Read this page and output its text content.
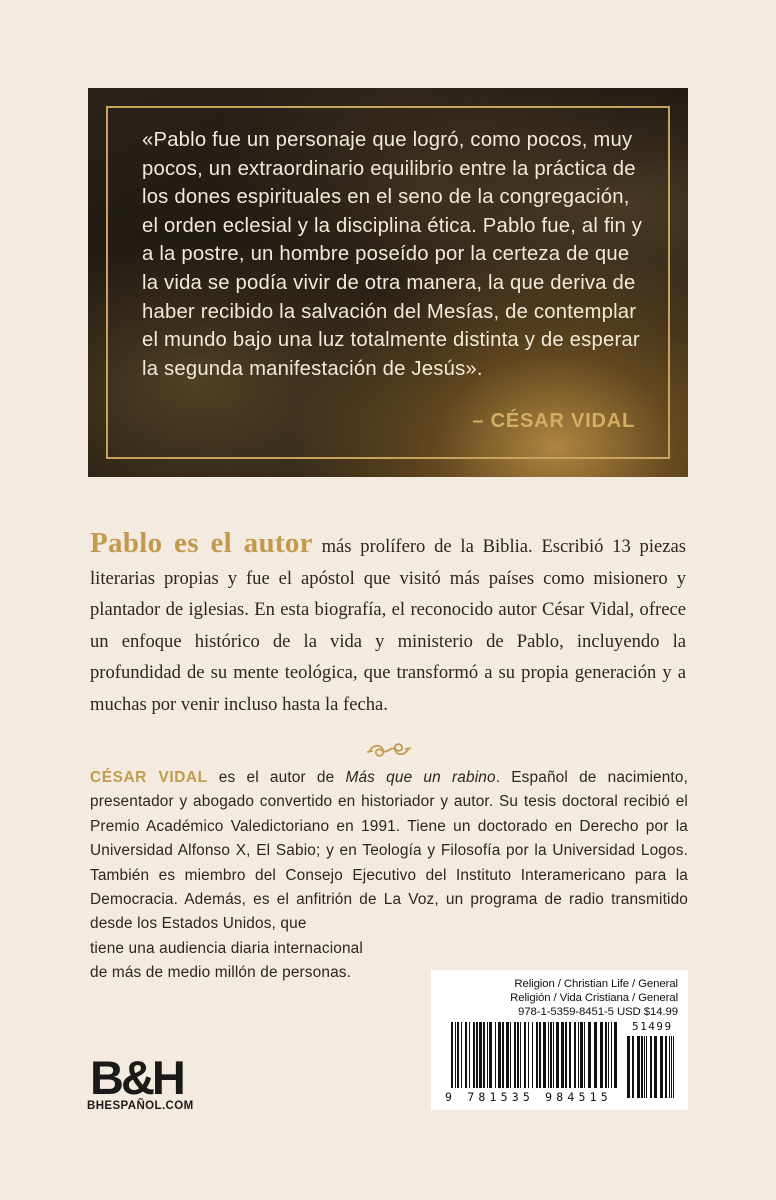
«Pablo fue un personaje que logró, como pocos, muy pocos, un extraordinario equilibrio entre la práctica de los dones espirituales en el seno de la congregación, el orden eclesial y la disciplina ética. Pablo fue, al fin y a la postre, un hombre poseído por la certeza de que la vida se podía vivir de otra manera, la que deriva de haber recibido la salvación del Mesías, de contemplar el mundo bajo una luz totalmente distinta y de esperar la segunda manifestación de Jesús».

– CÉSAR VIDAL

Pablo es el autor más prolífero de la Biblia. Escribió 13 piezas literarias propias y fue el apóstol que visitó más países como misionero y plantador de iglesias. En esta biografía, el reconocido autor César Vidal, ofrece un enfoque histórico de la vida y ministerio de Pablo, incluyendo la profundidad de su mente teológica, que transformó a su propia generación y a muchas por venir incluso hasta la fecha.

CÉSAR VIDAL es el autor de Más que un rabino. Español de nacimiento, presentador y abogado convertido en historiador y autor. Su tesis doctoral recibió el Premio Académico Valedictoriano en 1991. Tiene un doctorado en Derecho por la Universidad Alfonso X, El Sabio; y en Teología y Filosofía por la Universidad Logos. También es miembro del Consejo Ejecutivo del Instituto Interamericano para la Democracia. Además, es el anfitrión de La Voz, un programa de radio transmitido desde los Estados Unidos, que
tiene una audiencia diaria internacional
de más de medio millón de personas.
Religion / Christian Life / General
Religión / Vida Cristiana / General
978-1-5359-8451-5 USD $14.99
51499
9 781535 984515
B&H
BHESPAÑOL.COM
